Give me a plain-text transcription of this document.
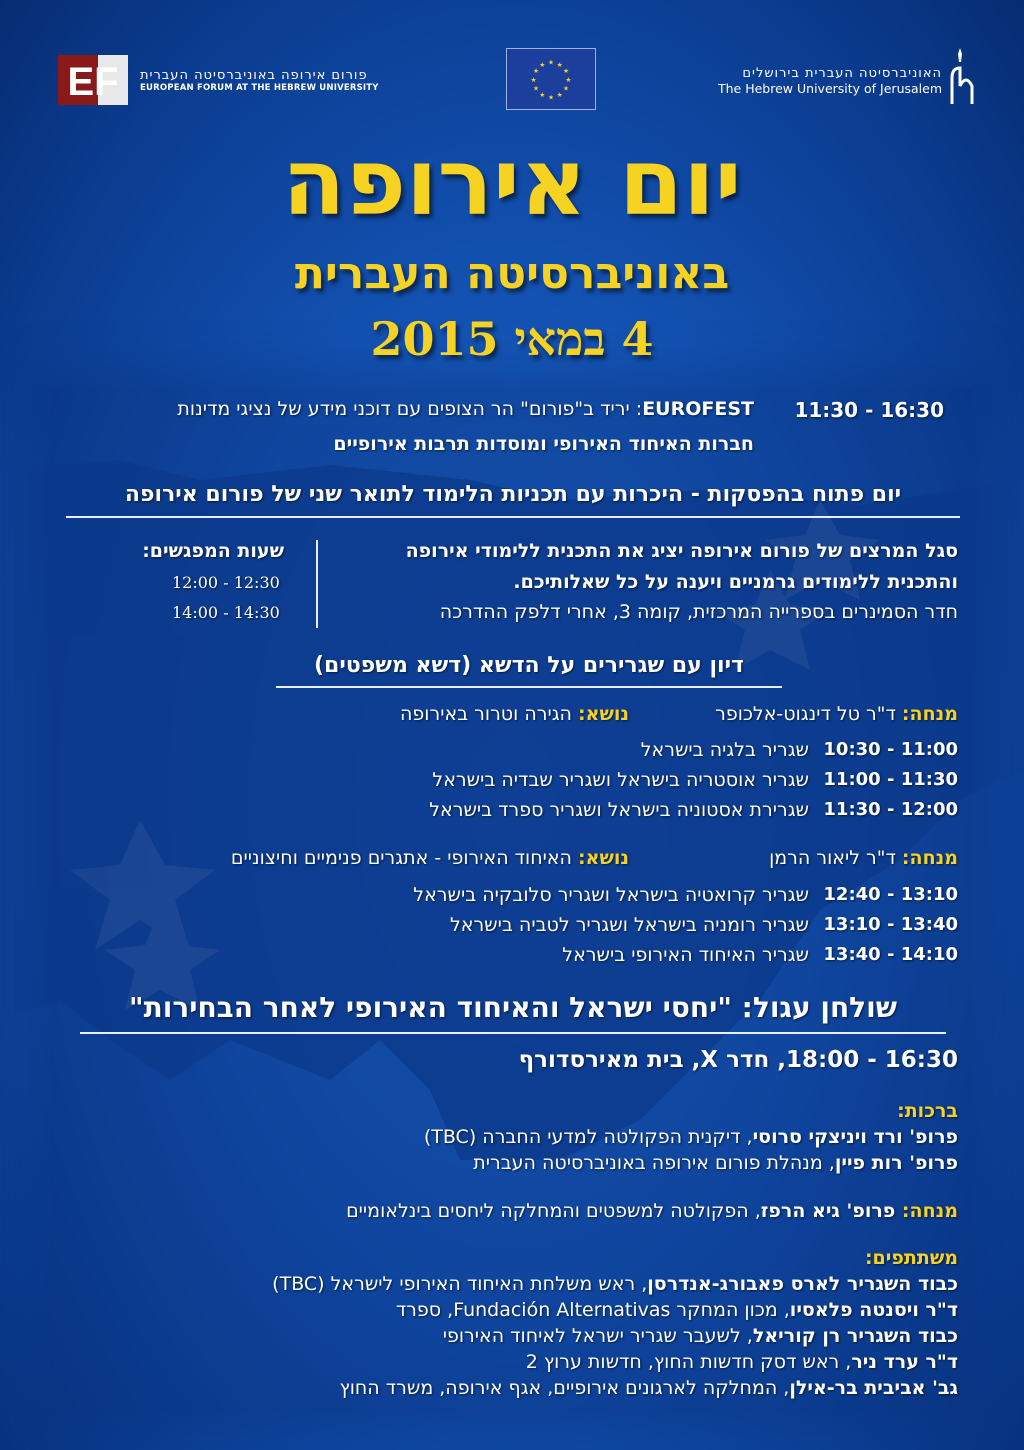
EF פורום אירופה באוניברסיטה העברית
EUROPEAN FORUM AT THE HEBREW UNIVERSITY
★ ★
★
★
★
★
★
★
★
★
★
★
האוניברסיטה העברית בירושלים
The Hebrew University of Jerusalem
יום אירופה
באוניברסיטה העברית
4 במאי 2015
11:30 - 16:30
EUROFEST: יריד ב"פורום" הר הצופים עם דוכני מידע של נציגי מדינות
חברות האיחוד האירופי ומוסדות תרבות אירופיים
יום פתוח בהפסקות - היכרות עם תכניות הלימוד לתואר שני של פורום אירופה
סגל המרצים של פורום אירופה יציג את התכנית ללימודי אירופה
והתכנית ללימודים גרמניים ויענה על כל שאלותיכם.
חדר הסמינרים בספרייה המרכזית, קומה 3, אחרי דלפק ההדרכה
שעות המפגשים:
12:00 - 12:30
14:00 - 14:30
דיון עם שגרירים על הדשא (דשא משפטים)
מנחה: ד"ר טל דינגוט-אלכופר
נושא: הגירה וטרור באירופה
10:30 - 11:00
שגריר בלגיה בישראל
11:00 - 11:30
שגריר אוסטריה בישראל ושגריר שבדיה בישראל
11:30 - 12:00
שגרירת אסטוניה בישראל ושגריר ספרד בישראל
מנחה: ד"ר ליאור הרמן
נושא: האיחוד האירופי - אתגרים פנימיים וחיצוניים
12:40 - 13:10
שגריר קרואטיה בישראל ושגריר סלובקיה בישראל
13:10 - 13:40
שגריר רומניה בישראל ושגריר לטביה בישראל
13:40 - 14:10
שגריר האיחוד האירופי בישראל
שולחן עגול: "יחסי ישראל והאיחוד האירופי לאחר הבחירות"
16:30 - 18:00, חדר X, בית מאירסדורף
ברכות:
פרופ' ורד ויניצקי סרוסי, דיקנית הפקולטה למדעי החברה (TBC)
פרופ' רות פיין, מנהלת פורום אירופה באוניברסיטה העברית
מנחה: פרופ' גיא הרפז, הפקולטה למשפטים והמחלקה ליחסים בינלאומיים
משתתפים:
כבוד השגריר לארס פאבורג-אנדרסן, ראש משלחת האיחוד האירופי לישראל (TBC)
ד"ר ויסנטה פלאסיו, מכון המחקר Fundación Alternativas, ספרד
כבוד השגריר רן קוריאל, לשעבר שגריר ישראל לאיחוד האירופי
ד"ר ערד ניר, ראש דסק חדשות החוץ, חדשות ערוץ 2
גב' אביבית בר-אילן, המחלקה לארגונים אירופיים, אגף אירופה, משרד החוץ
